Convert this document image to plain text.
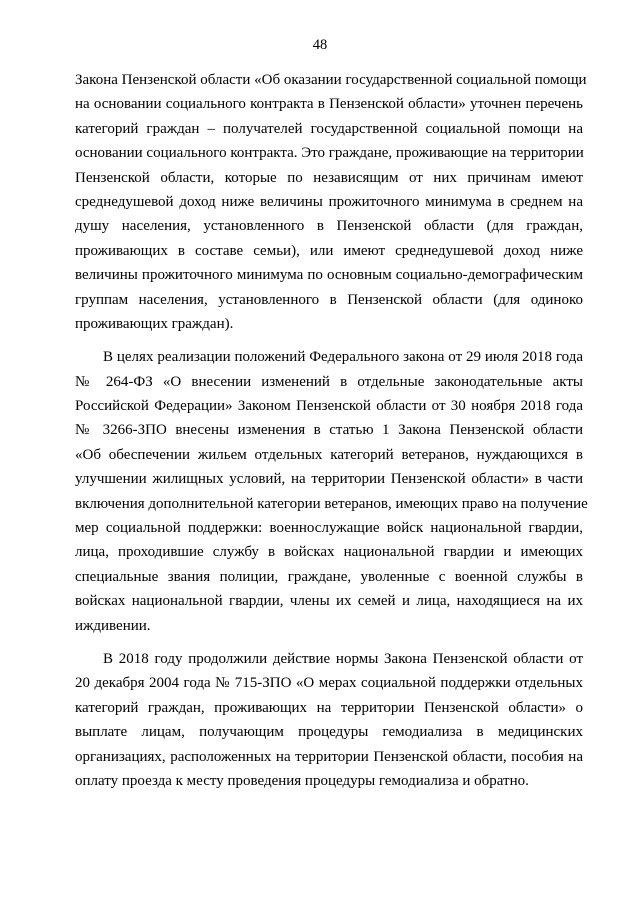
48
Закона Пензенской области «Об оказании государственной социальной помощи
на основании социального контракта в Пензенской области» уточнен перечень
категорий граждан – получателей государственной социальной помощи на
основании социального контракта. Это граждане, проживающие на территории
Пензенской области, которые по независящим от них причинам имеют
среднедушевой доход ниже величины прожиточного минимума в среднем на
душу населения, установленного в Пензенской области (для граждан,
проживающих в составе семьи), или имеют среднедушевой доход ниже
величины прожиточного минимума по основным социально-демографическим
группам населения, установленного в Пензенской области (для одиноко
проживающих граждан).
В целях реализации положений Федерального закона от 29 июля 2018 года
№ 264-ФЗ «О внесении изменений в отдельные законодательные акты
Российской Федерации» Законом Пензенской области от 30 ноября 2018 года
№ 3266-ЗПО внесены изменения в статью 1 Закона Пензенской области
«Об обеспечении жильем отдельных категорий ветеранов, нуждающихся в
улучшении жилищных условий, на территории Пензенской области» в части
включения дополнительной категории ветеранов, имеющих право на получение
мер социальной поддержки: военнослужащие войск национальной гвардии,
лица, проходившие службу в войсках национальной гвардии и имеющих
специальные звания полиции, граждане, уволенные с военной службы в
войсках национальной гвардии, члены их семей и лица, находящиеся на их
иждивении.
В 2018 году продолжили действие нормы Закона Пензенской области от
20 декабря 2004 года № 715-ЗПО «О мерах социальной поддержки отдельных
категорий граждан, проживающих на территории Пензенской области» о
выплате лицам, получающим процедуры гемодиализа в медицинских
организациях, расположенных на территории Пензенской области, пособия на
оплату проезда к месту проведения процедуры гемодиализа и обратно.
